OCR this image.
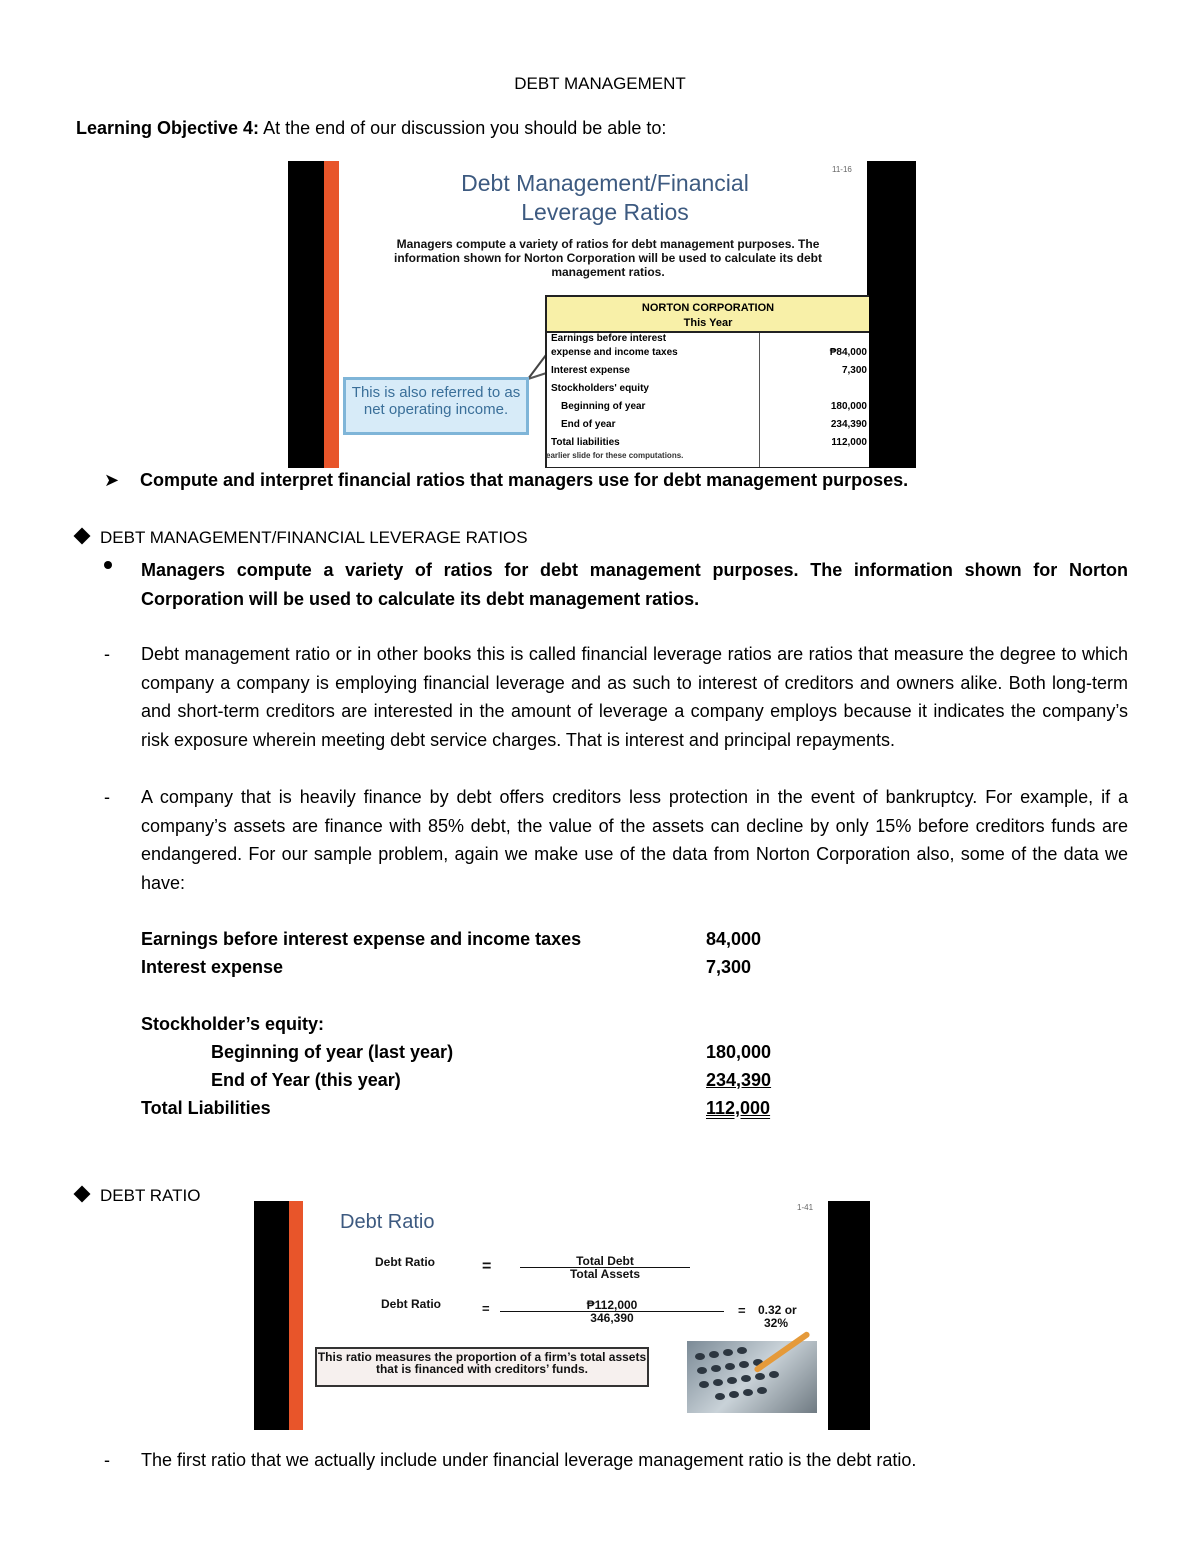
DEBT MANAGEMENT
Learning Objective 4: At the end of our discussion you should be able to:
11-16
Debt Management/Financial
Leverage Ratios
Managers compute a variety of ratios for debt management purposes. The information shown for Norton Corporation will be used to calculate its debt management ratios.
NORTON CORPORATION
This Year
Earnings before interest
expense and income taxes	₱84,000
Interest expense	7,300
Stockholders' equity
Beginning of year	180,000
End of year	234,390
Total liabilities	112,000
This is also referred to as net operating income.
earlier slide for these computations.
➤ Compute and interpret financial ratios that managers use for debt management purposes.
DEBT MANAGEMENT/FINANCIAL LEVERAGE RATIOS
Managers compute a variety of ratios for debt management purposes. The information shown for Norton Corporation will be used to calculate its debt management ratios.
- Debt management ratio or in other books this is called financial leverage ratios are ratios that measure the degree to which company a company is employing financial leverage and as such to interest of creditors and owners alike. Both long-term and short-term creditors are interested in the amount of leverage a company employs because it indicates the company’s risk exposure wherein meeting debt service charges. That is interest and principal repayments.
- A company that is heavily finance by debt offers creditors less protection in the event of bankruptcy. For example, if a company’s assets are finance with 85% debt, the value of the assets can decline by only 15% before creditors funds are endangered. For our sample problem, again we make use of the data from Norton Corporation also, some of the data we have:
Earnings before interest expense and income taxes	84,000
Interest expense	7,300
Stockholder’s equity:
Beginning of year (last year)	180,000
End of Year (this year)	234,390
Total Liabilities	112,000
DEBT RATIO
1-41
Debt Ratio
Debt Ratio	=	Total Debt
Total Assets
Debt Ratio	=	₱112,000
346,390	= 0.32 or
32%
This ratio measures the proportion of a firm’s total assets that is financed with creditors’ funds.
- The first ratio that we actually include under financial leverage management ratio is the debt ratio.
